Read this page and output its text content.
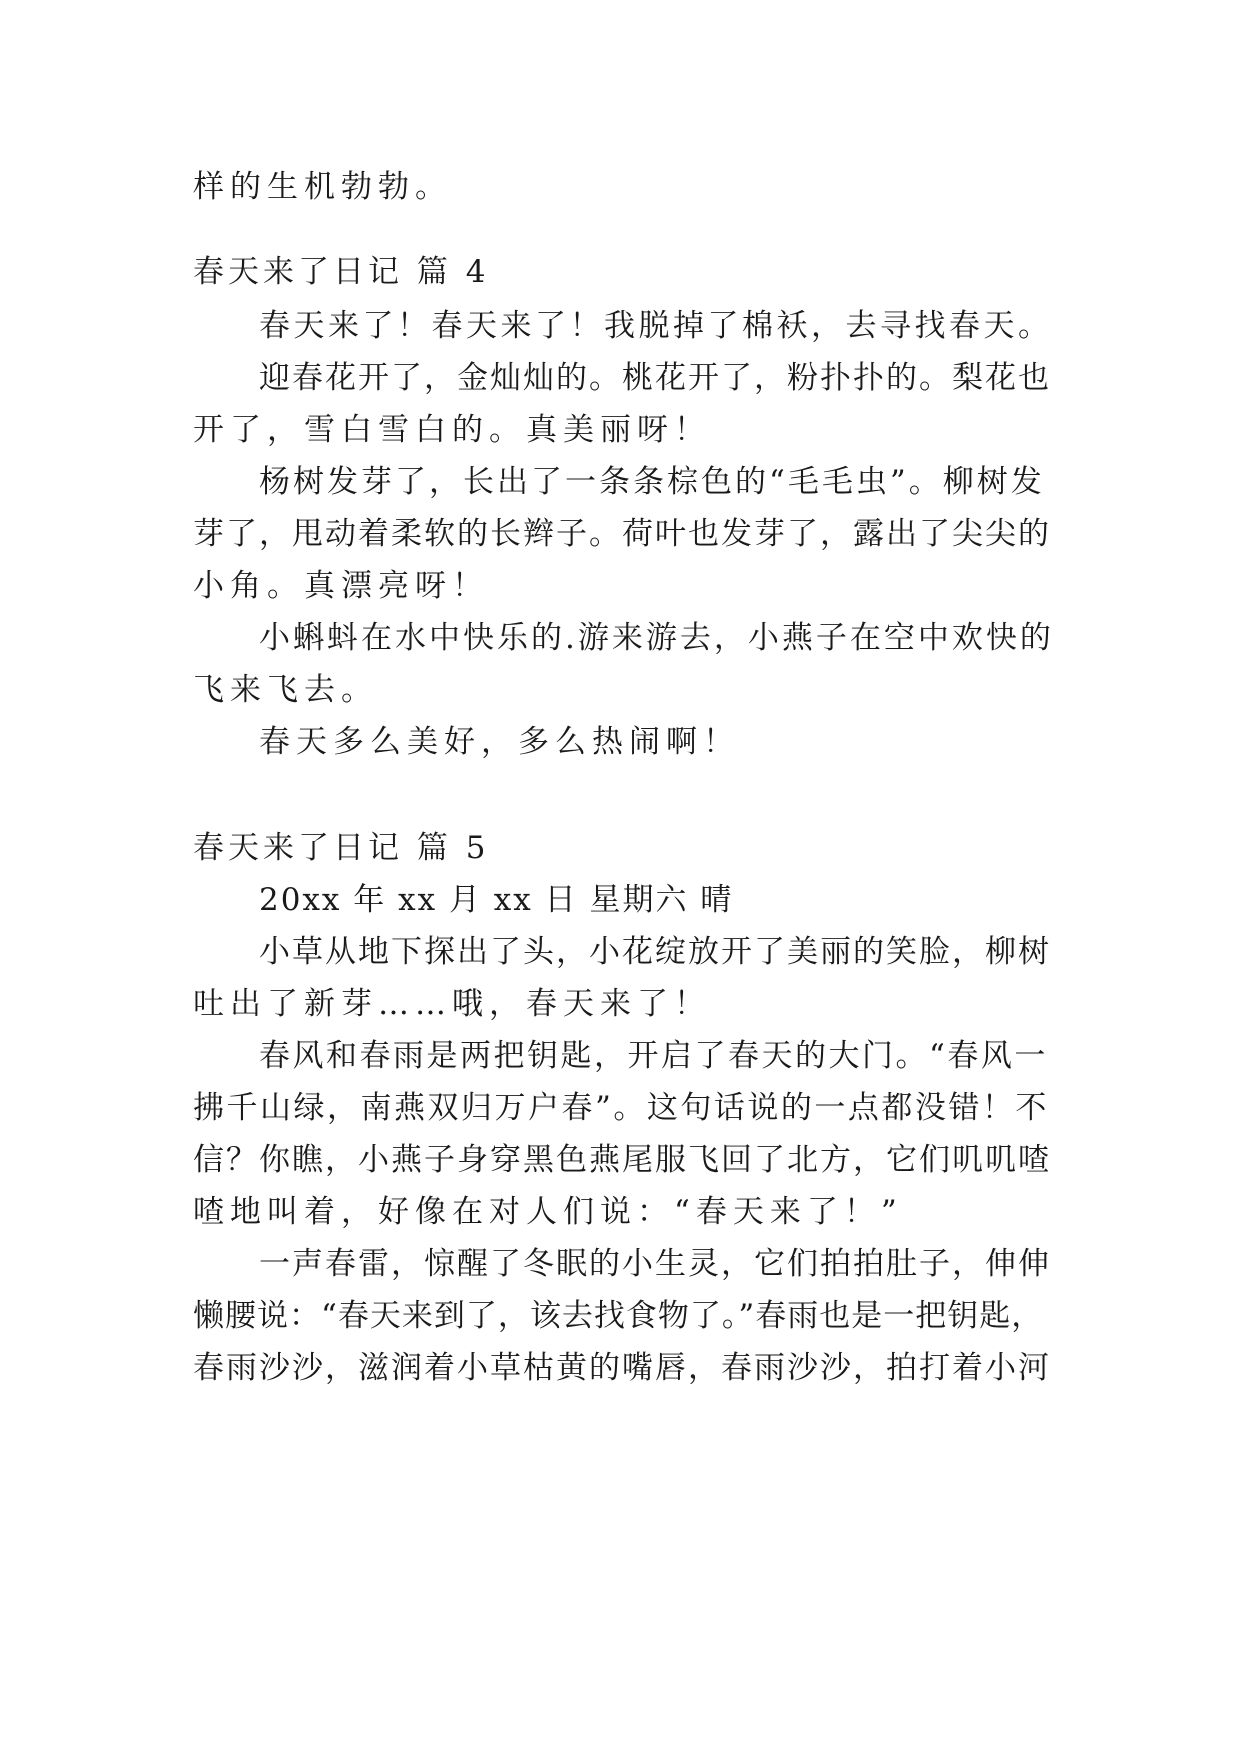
样的生机勃勃。
春天来了日记 篇 4
春天来了！春天来了！我脱掉了棉袄，去寻找春天。
迎春花开了，金灿灿的。桃花开了，粉扑扑的。梨花也
开了，雪白雪白的。真美丽呀！
杨树发芽了，长出了一条条棕色的“毛毛虫”。柳树发
芽了，甩动着柔软的长辫子。荷叶也发芽了，露出了尖尖的
小角。真漂亮呀！
小蝌蚪在水中快乐的.游来游去，小燕子在空中欢快的
飞来飞去。
春天多么美好，多么热闹啊！
春天来了日记 篇 5
20xx 年 xx 月 xx 日 星期六 晴
小草从地下探出了头，小花绽放开了美丽的笑脸，柳树
吐出了新芽……哦，春天来了！
春风和春雨是两把钥匙，开启了春天的大门。“春风一
拂千山绿，南燕双归万户春”。这句话说的一点都没错！不
信？你瞧，小燕子身穿黑色燕尾服飞回了北方，它们叽叽喳
喳地叫着，好像在对人们说：“春天来了！”
一声春雷，惊醒了冬眠的小生灵，它们拍拍肚子，伸伸
懒腰说：“春天来到了，该去找食物了。”春雨也是一把钥匙，
春雨沙沙，滋润着小草枯黄的嘴唇，春雨沙沙，拍打着小河
